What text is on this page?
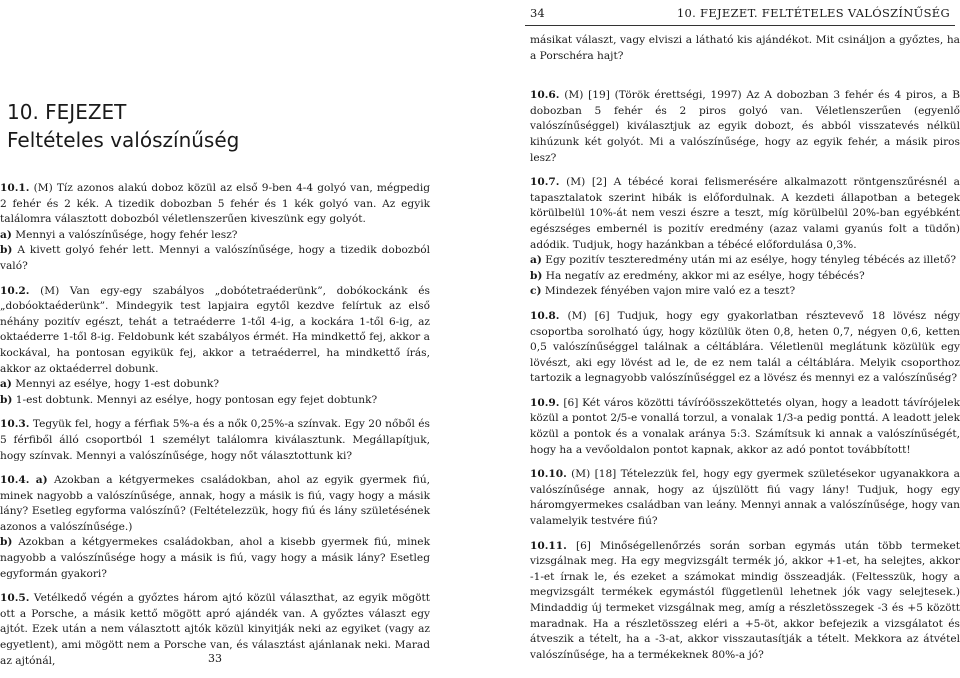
34	10. FEJEZET. FELTÉTELES VALÓSZÍNŰSÉG
10. FEJEZET
Feltételes valószínűség

10.1. (M) Tíz azonos alakú doboz közül az első 9-ben 4-4 golyó van, mégpedig 2 fehér és 2 kék. A tizedik dobozban 5 fehér és 1 kék golyó van. Az egyik találomra választott dobozból véletlenszerűen kiveszünk egy golyót.

a) Mennyi a valószínűsége, hogy fehér lesz?

b) A kivett golyó fehér lett. Mennyi a valószínűsége, hogy a tizedik dobozból való?

10.2. (M) Van egy-egy szabályos „dobótetraéderünk”, dobókockánk és „dobóoktaéderünk”. Mindegyik test lapjaira egytől kezdve felírtuk az első néhány pozitív egészt, tehát a tetraéderre 1-től 4-ig, a kockára 1-től 6-ig, az oktaéderre 1-től 8-ig. Feldobunk két szabályos érmét. Ha mindkettő fej, akkor a kockával, ha pontosan egyikük fej, akkor a tetraéderrel, ha mindkettő írás, akkor az oktaéderrel dobunk.

a) Mennyi az esélye, hogy 1-est dobunk?

b) 1-est dobtunk. Mennyi az esélye, hogy pontosan egy fejet dobtunk?

10.3. Tegyük fel, hogy a férfiak 5%-a és a nők 0,25%-a színvak. Egy 20 nőből és 5 férfiből álló csoportból 1 személyt találomra kiválasztunk. Megállapítjuk, hogy színvak. Mennyi a valószínűsége, hogy nőt választottunk ki?

10.4. a) Azokban a kétgyermekes családokban, ahol az egyik gyermek fiú, minek nagyobb a valószínűsége, annak, hogy a másik is fiú, vagy hogy a másik lány? Esetleg egyforma valószínű? (Feltételezzük, hogy fiú és lány születésének azonos a valószínűsége.)

b) Azokban a kétgyermekes családokban, ahol a kisebb gyermek fiú, minek nagyobb a valószínűsége hogy a másik is fiú, vagy hogy a másik lány? Esetleg egyformán gyakori?

10.5. Vetélkedő végén a győztes három ajtó közül választhat, az egyik mögött ott a Porsche, a másik kettő mögött apró ajándék van. A győztes választ egy ajtót. Ezek után a nem választott ajtók közül kinyitják neki az egyiket (vagy az egyetlent), ami mögött nem a Porsche van, és választást ajánlanak neki. Marad az ajtónál,

másikat választ, vagy elviszi a látható kis ajándékot. Mit csináljon a győztes, ha a Porschéra hajt?

10.6. (M) [19] (Török érettségi, 1997) Az A dobozban 3 fehér és 4 piros, a B dobozban 5 fehér és 2 piros golyó van. Véletlenszerűen (egyenlő valószínűséggel) kiválasztjuk az egyik dobozt, és abból visszatevés nélkül kihúzunk két golyót. Mi a valószínűsége, hogy az egyik fehér, a másik piros lesz?

10.7. (M) [2] A tébécé korai felismerésére alkalmazott röntgenszűrésnél a tapasztalatok szerint hibák is előfordulnak. A kezdeti állapotban a betegek körülbelül 10%-át nem veszi észre a teszt, míg körülbelül 20%-ban egyébként egészséges embernél is pozitív eredmény (azaz valami gyanús folt a tüdőn) adódik. Tudjuk, hogy hazánkban a tébécé előfordulása 0,3%.

a) Egy pozitív teszteredmény után mi az esélye, hogy tényleg tébécés az illető?

b) Ha negatív az eredmény, akkor mi az esélye, hogy tébécés?

c) Mindezek fényében vajon mire való ez a teszt?

10.8. (M) [6] Tudjuk, hogy egy gyakorlatban résztevevő 18 lövész négy csoportba sorolható úgy, hogy közülük öten 0,8, heten 0,7, négyen 0,6, ketten 0,5 valószínűséggel találnak a céltáblára. Véletlenül meglátunk közülük egy lövészt, aki egy lövést ad le, de ez nem talál a céltáblára. Melyik csoporthoz tartozik a legnagyobb valószínűséggel ez a lövész és mennyi ez a valószínűség?

10.9. [6] Két város közötti távíróösszeköttetés olyan, hogy a leadott távírójelek közül a pontot 2/5-e vonallá torzul, a vonalak 1/3-a pedig ponttá. A leadott jelek közül a pontok és a vonalak aránya 5:3. Számítsuk ki annak a valószínűségét, hogy ha a vevőoldalon pontot kapnak, akkor az adó pontot továbbított!

10.10. (M) [18] Tételezzük fel, hogy egy gyermek születésekor ugyanakkora a valószínűsége annak, hogy az újszülött fiú vagy lány! Tudjuk, hogy egy háromgyermekes családban van leány. Mennyi annak a valószínűsége, hogy van valamelyik testvére fiú?

10.11. [6] Minőségellenőrzés során sorban egymás után több termeket vizsgálnak meg. Ha egy megvizsgált termék jó, akkor +1-et, ha selejtes, akkor -1-et írnak le, és ezeket a számokat mindig összeadják. (Feltesszük, hogy a megvizsgált termékek egymástól függetlenül lehetnek jók vagy selejtesek.) Mindaddig új termeket vizsgálnak meg, amíg a részletösszegek -3 és +5 között maradnak. Ha a részletösszeg eléri a +5-öt, akkor befejezik a vizsgálatot és átveszik a tételt, ha a -3-at, akkor visszautasítják a tételt. Mekkora az átvétel valószínűsége, ha a termékeknek 80%-a jó?

33
